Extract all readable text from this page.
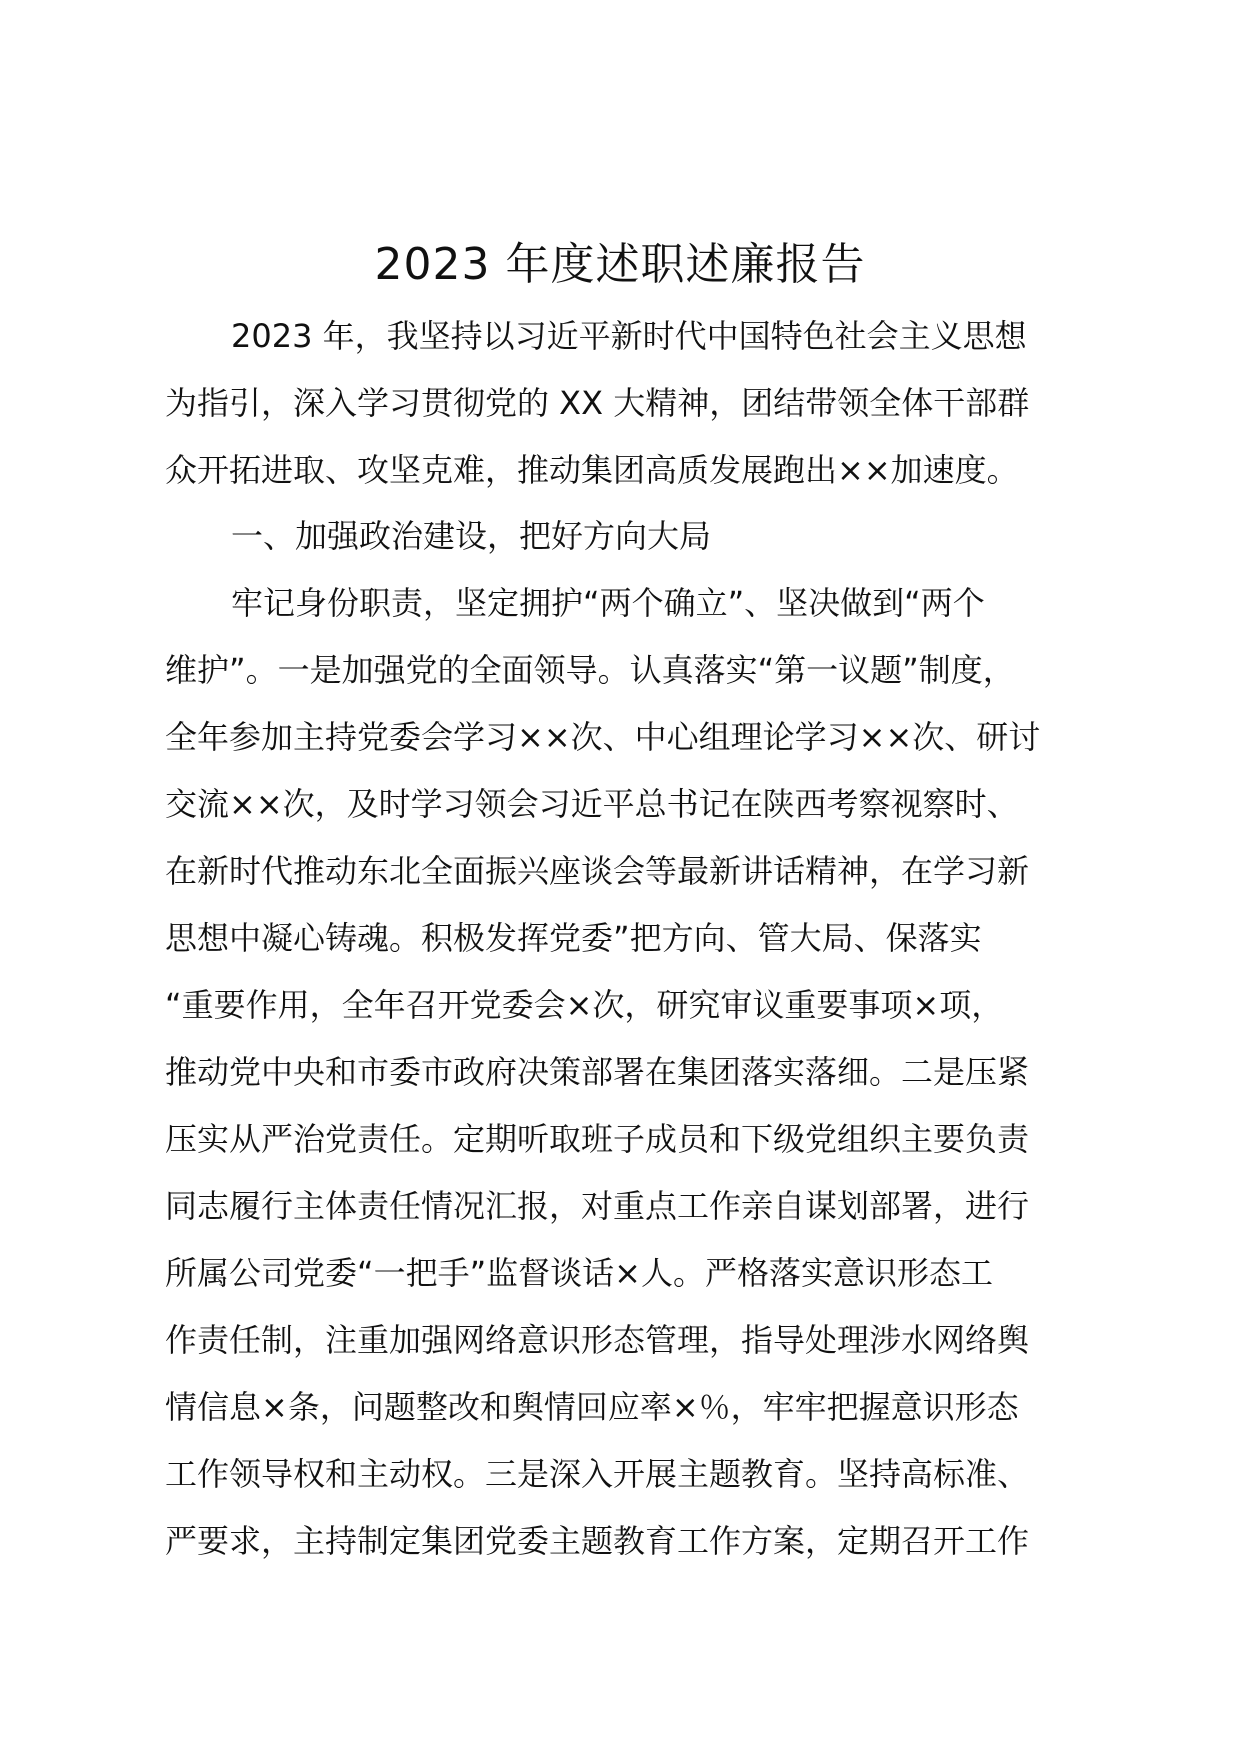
2023 年度述职述廉报告

2023 年，我坚持以习近平新时代中国特色社会主义思想

为指引，深入学习贯彻党的 XX 大精神，团结带领全体干部群

众开拓进取、攻坚克难，推动集团高质发展跑出××加速度。

一、加强政治建设，把好方向大局

牢记身份职责，坚定拥护“两个确立”、坚决做到“两个

维护”。一是加强党的全面领导。认真落实“第一议题”制度，

全年参加主持党委会学习××次、中心组理论学习××次、研讨

交流××次，及时学习领会习近平总书记在陕西考察视察时、

在新时代推动东北全面振兴座谈会等最新讲话精神，在学习新

思想中凝心铸魂。积极发挥党委”把方向、管大局、保落实

“重要作用，全年召开党委会×次，研究审议重要事项×项，

推动党中央和市委市政府决策部署在集团落实落细。二是压紧

压实从严治党责任。定期听取班子成员和下级党组织主要负责

同志履行主体责任情况汇报，对重点工作亲自谋划部署，进行

所属公司党委“一把手”监督谈话×人。严格落实意识形态工

作责任制，注重加强网络意识形态管理，指导处理涉水网络舆

情信息×条，问题整改和舆情回应率×％，牢牢把握意识形态

工作领导权和主动权。三是深入开展主题教育。坚持高标准、

严要求，主持制定集团党委主题教育工作方案，定期召开工作
